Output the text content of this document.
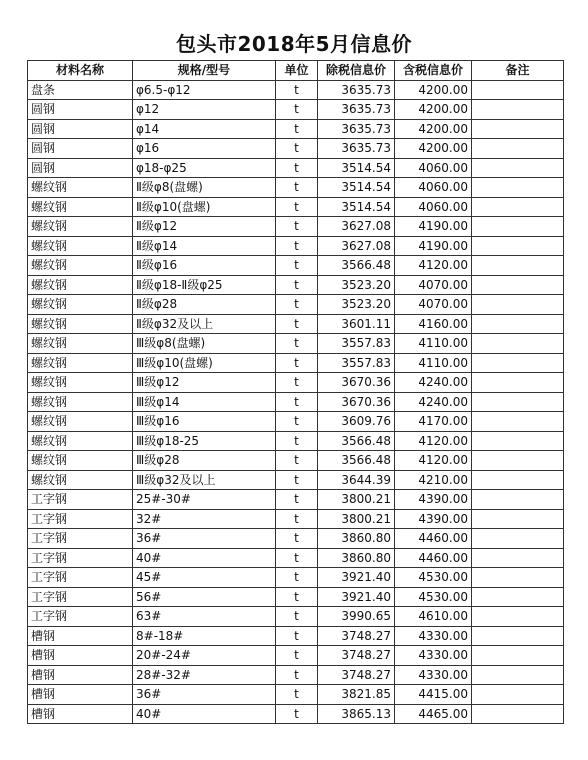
包头市2018年5月信息价
材料名称	规格/型号	单位	除税信息价	含税信息价	备注
盘条	φ6.5-φ12	t	3635.73	4200.00	
圆钢	φ12	t	3635.73	4200.00	
圆钢	φ14	t	3635.73	4200.00	
圆钢	φ16	t	3635.73	4200.00	
圆钢	φ18-φ25	t	3514.54	4060.00	
螺纹钢	Ⅱ级φ8(盘螺)	t	3514.54	4060.00	
螺纹钢	Ⅱ级φ10(盘螺)	t	3514.54	4060.00	
螺纹钢	Ⅱ级φ12	t	3627.08	4190.00	
螺纹钢	Ⅱ级φ14	t	3627.08	4190.00	
螺纹钢	Ⅱ级φ16	t	3566.48	4120.00	
螺纹钢	Ⅱ级φ18-Ⅱ级φ25	t	3523.20	4070.00	
螺纹钢	Ⅱ级φ28	t	3523.20	4070.00	
螺纹钢	Ⅱ级φ32及以上	t	3601.11	4160.00	
螺纹钢	Ⅲ级φ8(盘螺)	t	3557.83	4110.00	
螺纹钢	Ⅲ级φ10(盘螺)	t	3557.83	4110.00	
螺纹钢	Ⅲ级φ12	t	3670.36	4240.00	
螺纹钢	Ⅲ级φ14	t	3670.36	4240.00	
螺纹钢	Ⅲ级φ16	t	3609.76	4170.00	
螺纹钢	Ⅲ级φ18-25	t	3566.48	4120.00	
螺纹钢	Ⅲ级φ28	t	3566.48	4120.00	
螺纹钢	Ⅲ级φ32及以上	t	3644.39	4210.00	
工字钢	25#-30#	t	3800.21	4390.00	
工字钢	32#	t	3800.21	4390.00	
工字钢	36#	t	3860.80	4460.00	
工字钢	40#	t	3860.80	4460.00	
工字钢	45#	t	3921.40	4530.00	
工字钢	56#	t	3921.40	4530.00	
工字钢	63#	t	3990.65	4610.00	
槽钢	8#-18#	t	3748.27	4330.00	
槽钢	20#-24#	t	3748.27	4330.00	
槽钢	28#-32#	t	3748.27	4330.00	
槽钢	36#	t	3821.85	4415.00	
槽钢	40#	t	3865.13	4465.00	
